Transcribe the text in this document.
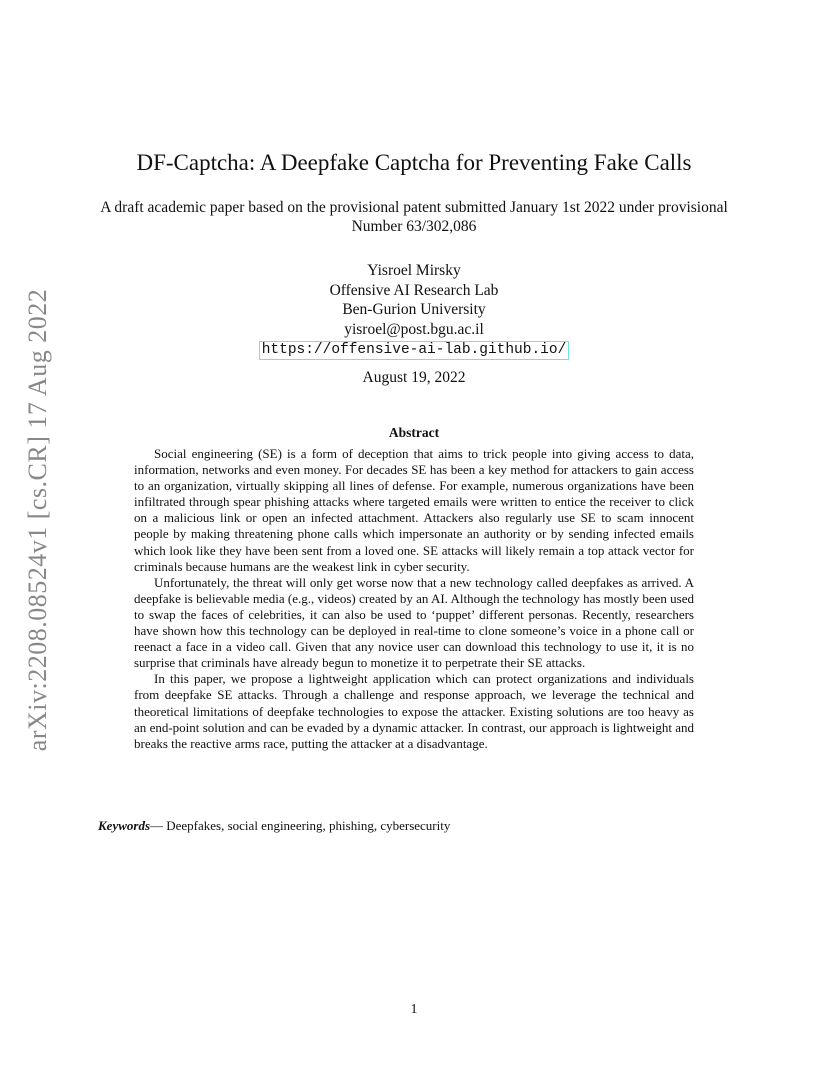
arXiv:2208.08524v1 [cs.CR] 17 Aug 2022
DF-Captcha: A Deepfake Captcha for Preventing Fake Calls
A draft academic paper based on the provisional patent submitted January 1st 2022 under provisional Number 63/302,086
Yisroel Mirsky
Offensive AI Research Lab
Ben-Gurion University
yisroel@post.bgu.ac.il
https://offensive-ai-lab.github.io/
August 19, 2022
Abstract

Social engineering (SE) is a form of deception that aims to trick people into giving access to data, information, networks and even money. For decades SE has been a key method for attackers to gain access to an organization, virtually skipping all lines of defense. For example, numerous organizations have been infiltrated through spear phishing attacks where targeted emails were written to entice the receiver to click on a malicious link or open an infected attachment. Attackers also regularly use SE to scam innocent people by making threatening phone calls which impersonate an authority or by sending infected emails which look like they have been sent from a loved one. SE attacks will likely remain a top attack vector for criminals because humans are the weakest link in cyber security.

Unfortunately, the threat will only get worse now that a new technology called deepfakes as arrived. A deepfake is believable media (e.g., videos) created by an AI. Although the technology has mostly been used to swap the faces of celebrities, it can also be used to ‘puppet’ different personas. Recently, researchers have shown how this technology can be deployed in real-time to clone someone’s voice in a phone call or reenact a face in a video call. Given that any novice user can download this technology to use it, it is no surprise that criminals have already begun to monetize it to perpetrate their SE attacks.

In this paper, we propose a lightweight application which can protect organizations and individuals from deepfake SE attacks. Through a challenge and response approach, we leverage the technical and theoretical limitations of deepfake technologies to expose the attacker. Existing solutions are too heavy as an end-point solution and can be evaded by a dynamic attacker. In contrast, our approach is lightweight and breaks the reactive arms race, putting the attacker at a disadvantage.

Keywords— Deepfakes, social engineering, phishing, cybersecurity
1
